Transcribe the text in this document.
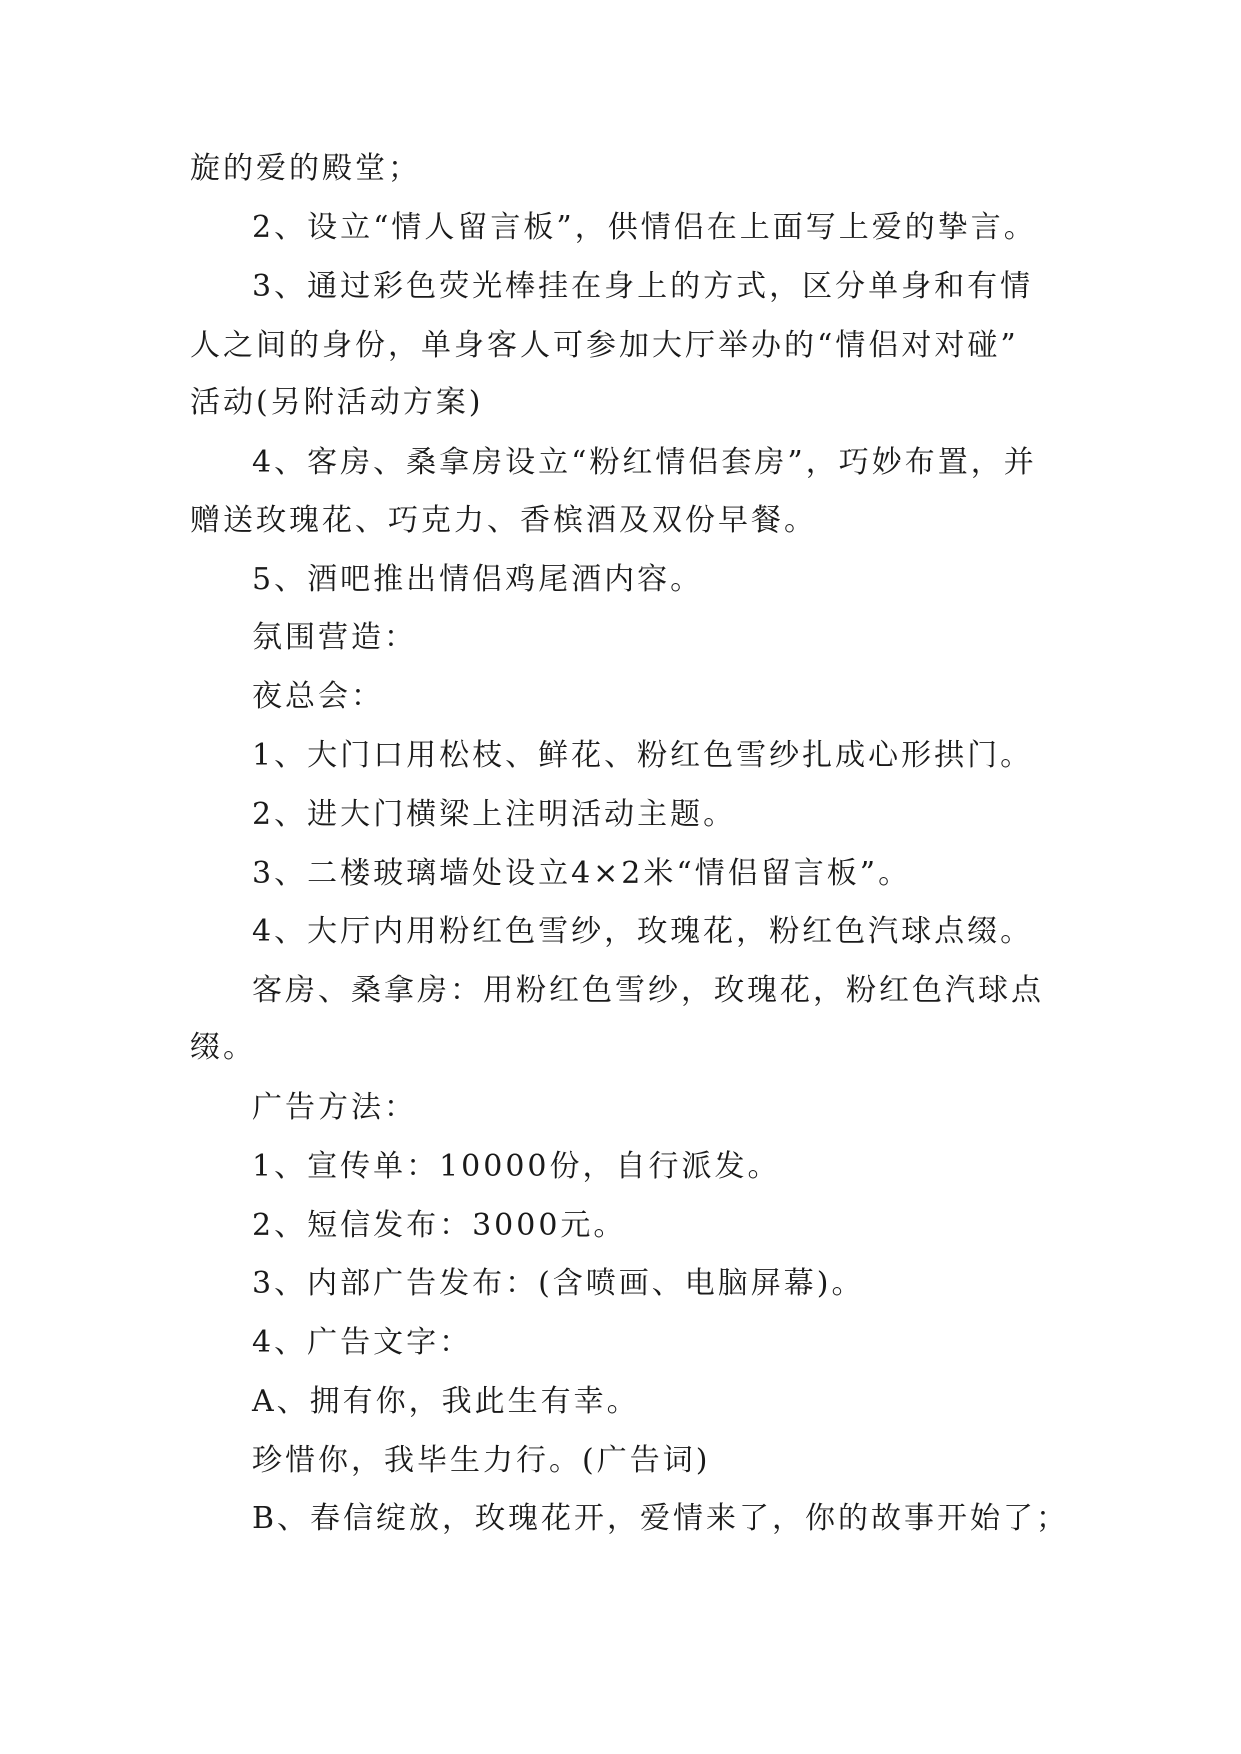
旋的爱的殿堂；
2、设立“情人留言板”，供情侣在上面写上爱的挚言。
3、通过彩色荧光棒挂在身上的方式，区分单身和有情
人之间的身份，单身客人可参加大厅举办的“情侣对对碰”
活动(另附活动方案)
4、客房、桑拿房设立“粉红情侣套房”，巧妙布置，并
赠送玫瑰花、巧克力、香槟酒及双份早餐。
5、酒吧推出情侣鸡尾酒内容。
氛围营造：
夜总会：
1、大门口用松枝、鲜花、粉红色雪纱扎成心形拱门。
2、进大门横梁上注明活动主题。
3、二楼玻璃墙处设立4×2米“情侣留言板”。
4、大厅内用粉红色雪纱，玫瑰花，粉红色汽球点缀。
客房、桑拿房：用粉红色雪纱，玫瑰花，粉红色汽球点
缀。
广告方法：
1、宣传单：10000份，自行派发。
2、短信发布：3000元。
3、内部广告发布：(含喷画、电脑屏幕)。
4、广告文字：
A、拥有你，我此生有幸。
珍惜你，我毕生力行。(广告词)
B、春信绽放，玫瑰花开，爱情来了，你的故事开始了；
